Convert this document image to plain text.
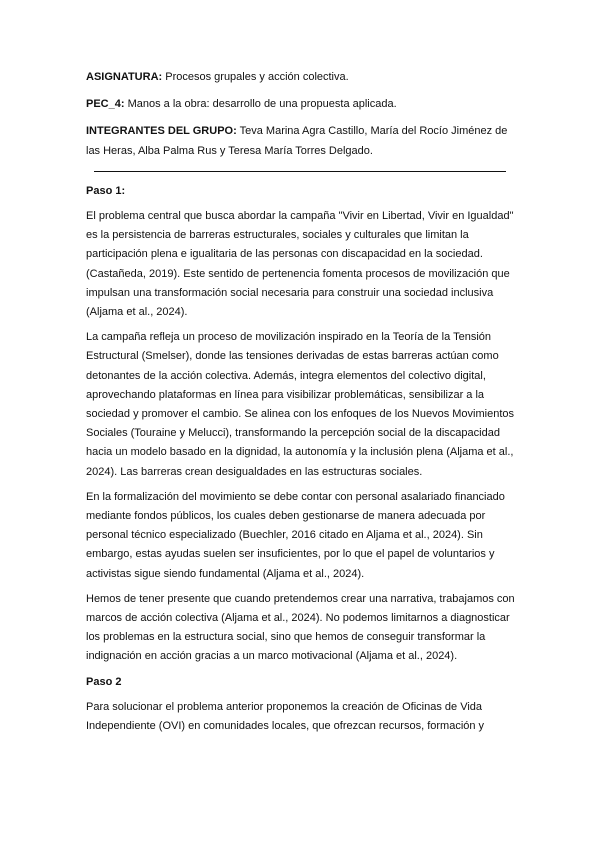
ASIGNATURA: Procesos grupales y acción colectiva.

PEC_4: Manos a la obra: desarrollo de una propuesta aplicada.

INTEGRANTES DEL GRUPO: Teva Marina Agra Castillo, María del Rocío Jiménez de las Heras, Alba Palma Rus y Teresa María Torres Delgado.

Paso 1:

El problema central que busca abordar la campaña "Vivir en Libertad, Vivir en Igualdad" es la persistencia de barreras estructurales, sociales y culturales que limitan la participación plena e igualitaria de las personas con discapacidad en la sociedad. (Castañeda, 2019). Este sentido de pertenencia fomenta procesos de movilización que impulsan una transformación social necesaria para construir una sociedad inclusiva (Aljama et al., 2024).

La campaña refleja un proceso de movilización inspirado en la Teoría de la Tensión Estructural (Smelser), donde las tensiones derivadas de estas barreras actúan como detonantes de la acción colectiva. Además, integra elementos del colectivo digital, aprovechando plataformas en línea para visibilizar problemáticas, sensibilizar a la sociedad y promover el cambio. Se alinea con los enfoques de los Nuevos Movimientos Sociales (Touraine y Melucci), transformando la percepción social de la discapacidad hacia un modelo basado en la dignidad, la autonomía y la inclusión plena (Aljama et al., 2024). Las barreras crean desigualdades en las estructuras sociales.

En la formalización del movimiento se debe contar con personal asalariado financiado mediante fondos públicos, los cuales deben gestionarse de manera adecuada por personal técnico especializado (Buechler, 2016 citado en Aljama et al., 2024). Sin embargo, estas ayudas suelen ser insuficientes, por lo que el papel de voluntarios y activistas sigue siendo fundamental (Aljama et al., 2024).

Hemos de tener presente que cuando pretendemos crear una narrativa, trabajamos con marcos de acción colectiva (Aljama et al., 2024). No podemos limitarnos a diagnosticar los problemas en la estructura social, sino que hemos de conseguir transformar la indignación en acción gracias a un marco motivacional (Aljama et al., 2024).

Paso 2

Para solucionar el problema anterior proponemos la creación de Oficinas de Vida Independiente (OVI) en comunidades locales, que ofrezcan recursos, formación y
